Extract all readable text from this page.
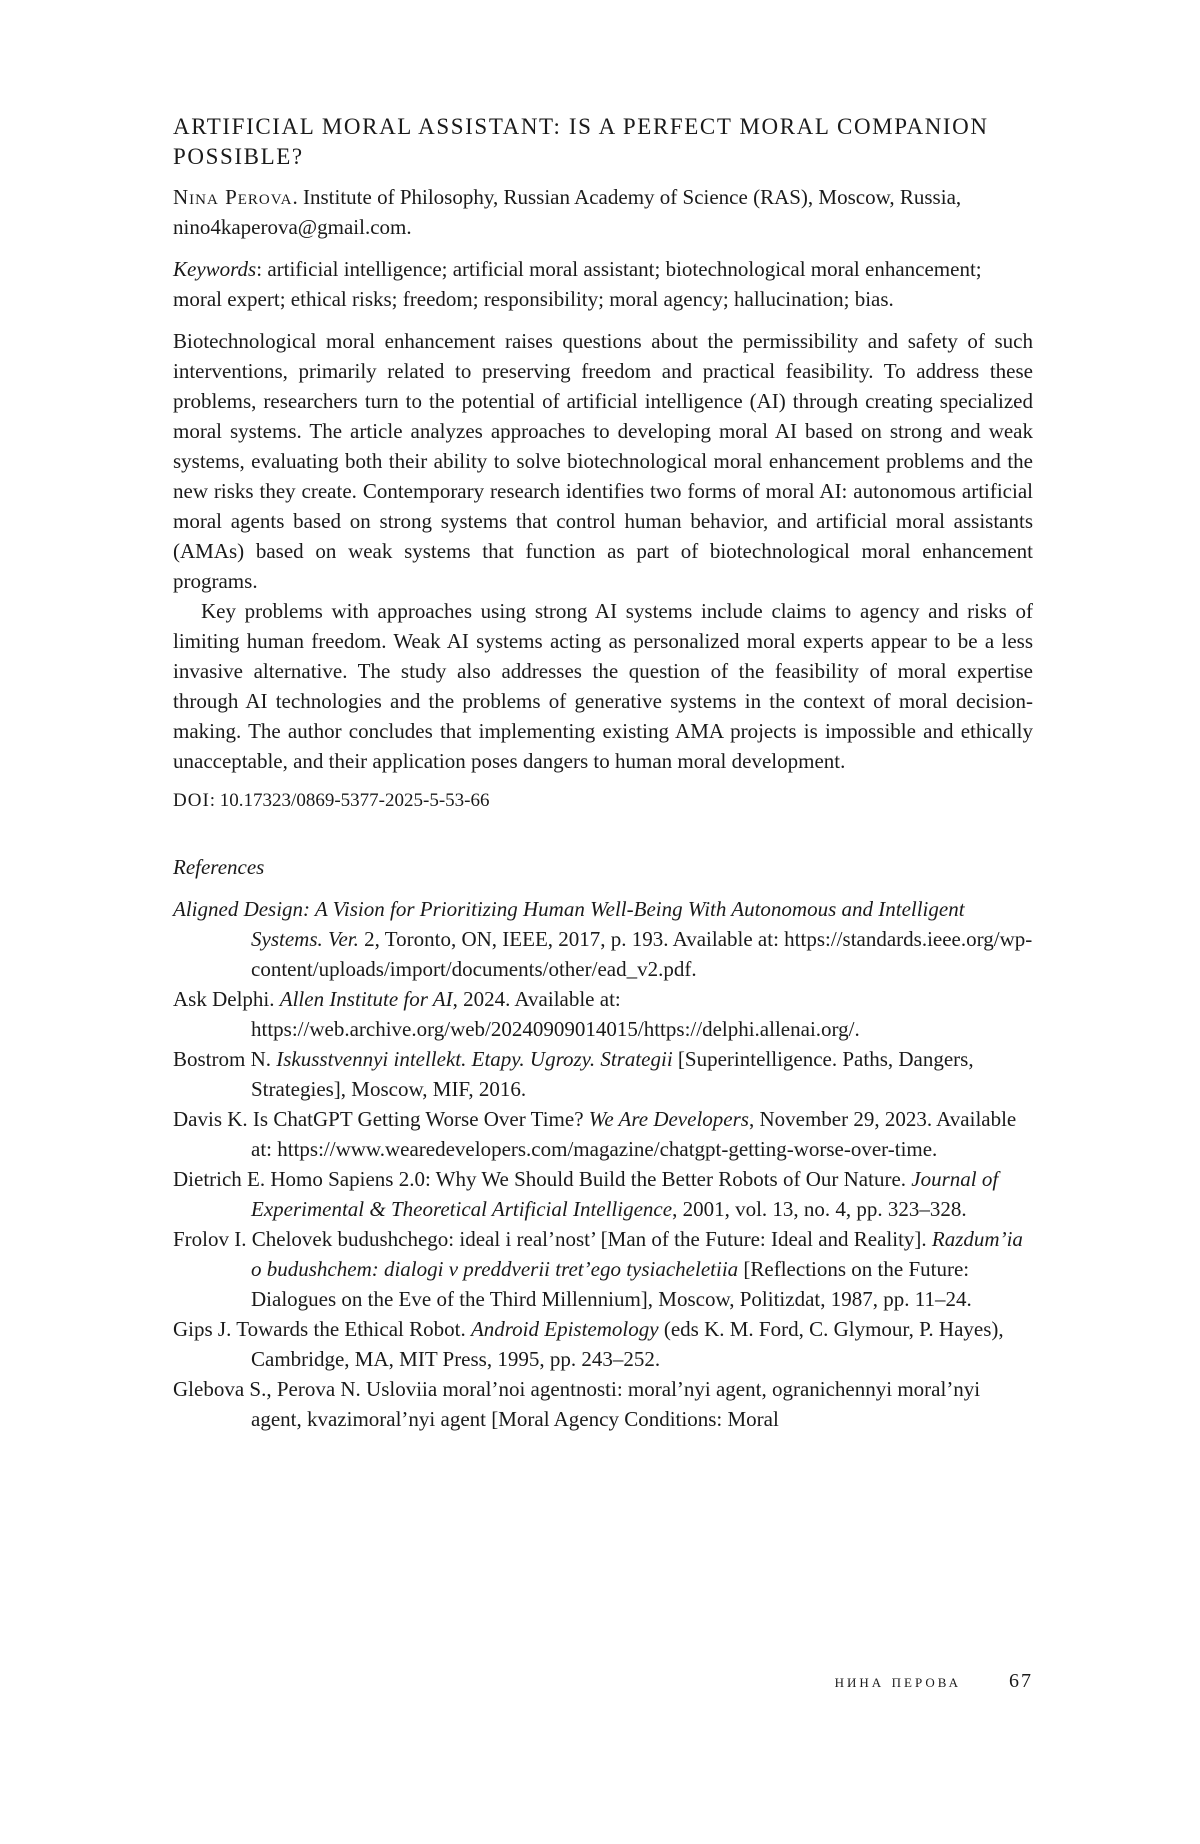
ARTIFICIAL MORAL ASSISTANT: IS A PERFECT MORAL COMPANION POSSIBLE?

Nina Perova. Institute of Philosophy, Russian Academy of Science (RAS), Moscow, Russia, nino4kaperova@gmail.com.

Keywords: artificial intelligence; artificial moral assistant; biotechnological moral enhancement; moral expert; ethical risks; freedom; responsibility; moral agency; hallucination; bias.

Biotechnological moral enhancement raises questions about the permissibility and safety of such interventions, primarily related to preserving freedom and practical feasibility. To address these problems, researchers turn to the potential of artificial intelligence (AI) through creating specialized moral systems. The article analyzes approaches to developing moral AI based on strong and weak systems, evaluating both their ability to solve biotechnological moral enhancement problems and the new risks they create. Contemporary research identifies two forms of moral AI: autonomous artificial moral agents based on strong systems that control human behavior, and artificial moral assistants (AMAs) based on weak systems that function as part of biotechnological moral enhancement programs.

Key problems with approaches using strong AI systems include claims to agency and risks of limiting human freedom. Weak AI systems acting as personalized moral experts appear to be a less invasive alternative. The study also addresses the question of the feasibility of moral expertise through AI technologies and the problems of generative systems in the context of moral decision-making. The author concludes that implementing existing AMA projects is impossible and ethically unacceptable, and their application poses dangers to human moral development.

DOI: 10.17323/0869-5377-2025-5-53-66

References

Aligned Design: A Vision for Prioritizing Human Well-Being With Autonomous and Intelligent Systems. Ver. 2, Toronto, ON, IEEE, 2017, p. 193. Available at: https://standards.ieee.org/wp-content/uploads/import/documents/other/ead_v2.pdf.
Ask Delphi. Allen Institute for AI, 2024. Available at: https://web.archive.org/web/20240909014015/https://delphi.allenai.org/.
Bostrom N. Iskusstvennyi intellekt. Etapy. Ugrozy. Strategii [Superintelligence. Paths, Dangers, Strategies], Moscow, MIF, 2016.
Davis K. Is ChatGPT Getting Worse Over Time? We Are Developers, November 29, 2023. Available at: https://www.wearedevelopers.com/magazine/chatgpt-getting-worse-over-time.
Dietrich E. Homo Sapiens 2.0: Why We Should Build the Better Robots of Our Nature. Journal of Experimental & Theoretical Artificial Intelligence, 2001, vol. 13, no. 4, pp. 323–328.
Frolov I. Chelovek budushchego: ideal i real’nost’ [Man of the Future: Ideal and Reality]. Razdum’ia o budushchem: dialogi v preddverii tret’ego tysiacheletiia [Reflections on the Future: Dialogues on the Eve of the Third Millennium], Moscow, Politizdat, 1987, pp. 11–24.
Gips J. Towards the Ethical Robot. Android Epistemology (eds K. M. Ford, C. Glymour, P. Hayes), Cambridge, MA, MIT Press, 1995, pp. 243–252.
Glebova S., Perova N. Usloviia moral’noi agentnosti: moral’nyi agent, ogranichennyi moral’nyi agent, kvazimoral’nyi agent [Moral Agency Conditions: Moral
нина перова 67
